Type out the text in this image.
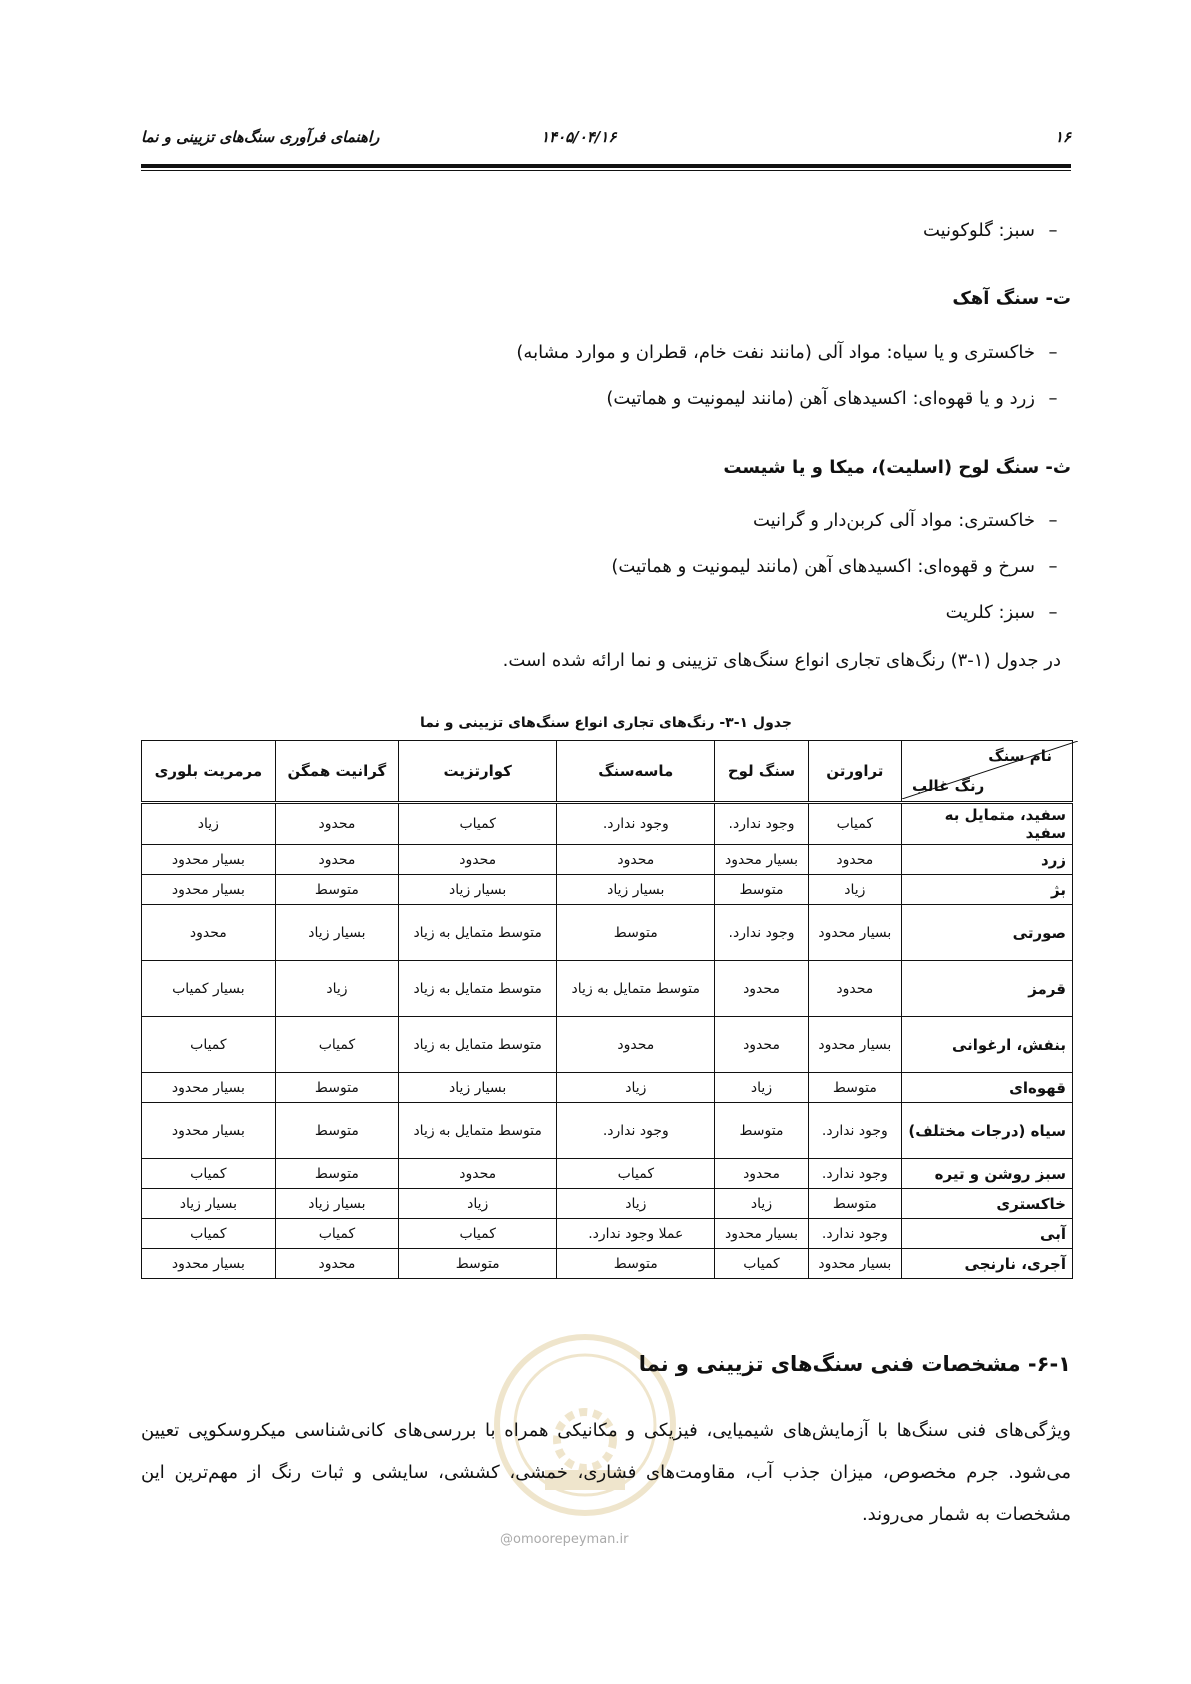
۱۶
۱۴۰۵/۰۴/۱۶
راهنمای فرآوری سنگ‌های تزیینی و نما
–سبز: گلوکونیت
ت- سنگ آهک
–خاکستری و یا سیاه: مواد آلی (مانند نفت خام، قطران و موارد مشابه)
–زرد و یا قهوه‌ای: اکسیدهای آهن (مانند لیمونیت و هماتیت)
ث- سنگ لوح (اسلیت)، میکا و یا شیست
–خاکستری: مواد آلی کربن‌دار و گرانیت
–سرخ و قهوه‌ای: اکسیدهای آهن (مانند لیمونیت و هماتیت)
–سبز: کلریت
در جدول (۱-۳) رنگ‌های تجاری انواع سنگ‌های تزیینی و نما ارائه شده است.
جدول ۱-۳- رنگ‌های تجاری انواع سنگ‌های تزیینی و نما
نام سنگ
رنگ غالب	تراورتن	سنگ لوح	ماسه‌سنگ	کوارتزیت	گرانیت همگن	مرمریت بلوری
سفید، متمایل به سفید	کمیاب	وجود ندارد.	وجود ندارد.	کمیاب	محدود	زیاد
زرد	محدود	بسیار محدود	محدود	محدود	محدود	بسیار محدود
بژ	زیاد	متوسط	بسیار زیاد	بسیار زیاد	متوسط	بسیار محدود
صورتی	بسیار محدود	وجود ندارد.	متوسط	متوسط متمایل به زیاد	بسیار زیاد	محدود
قرمز	محدود	محدود	متوسط متمایل به زیاد	متوسط متمایل به زیاد	زیاد	بسیار کمیاب
بنفش، ارغوانی	بسیار محدود	محدود	محدود	متوسط متمایل به زیاد	کمیاب	کمیاب
قهوه‌ای	متوسط	زیاد	زیاد	بسیار زیاد	متوسط	بسیار محدود
سیاه (درجات مختلف)	وجود ندارد.	متوسط	وجود ندارد.	متوسط متمایل به زیاد	متوسط	بسیار محدود
سبز روشن و تیره	وجود ندارد.	محدود	کمیاب	محدود	متوسط	کمیاب
خاکستری	متوسط	زیاد	زیاد	زیاد	بسیار زیاد	بسیار زیاد
آبی	وجود ندارد.	بسیار محدود	عملا وجود ندارد.	کمیاب	کمیاب	کمیاب
آجری، نارنجی	بسیار محدود	کمیاب	متوسط	متوسط	محدود	بسیار محدود
@omoorepeyman.ir
۶-۱- مشخصات فنی سنگ‌های تزیینی و نما
ویژگی‌های فنی سنگ‌ها با آزمایش‌های شیمیایی، فیزیکی و مکانیکی همراه با بررسی‌های کانی‌شناسی میکروسکوپی تعیین می‌شود. جرم مخصوص، میزان جذب آب، مقاومت‌های فشاری، خمشی، کششی، سایشی و ثبات رنگ از مهم‌ترین این مشخصات به شمار می‌روند.
